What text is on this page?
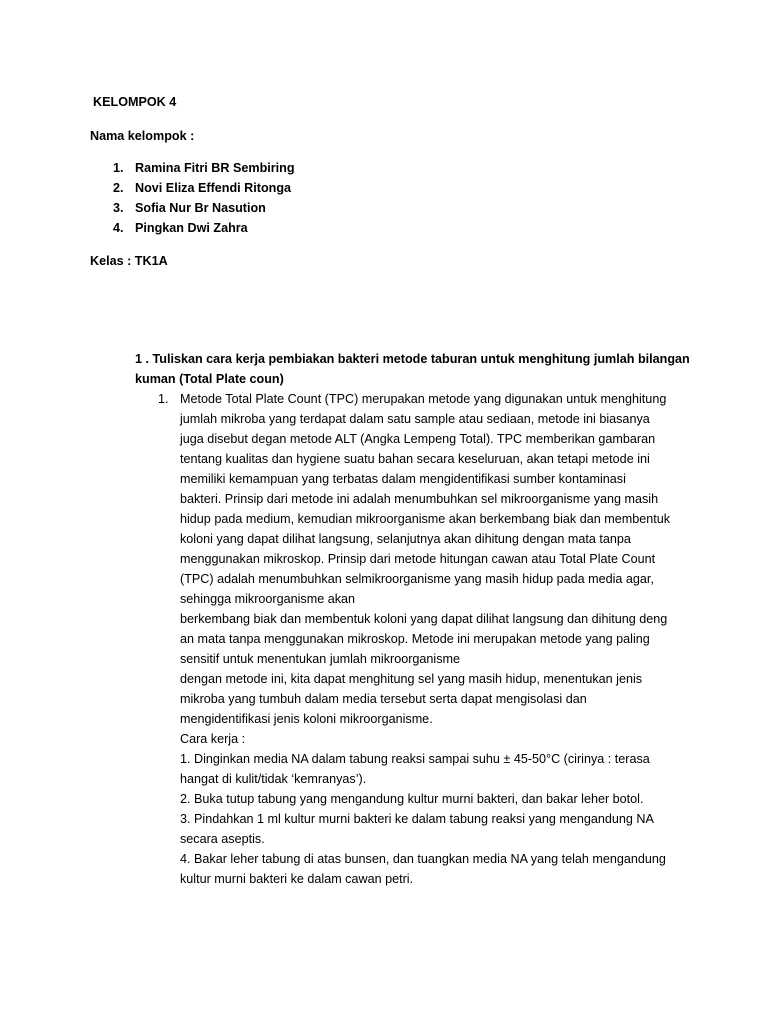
KELOMPOK 4
Nama kelompok :
1. Ramina Fitri BR Sembiring
2. Novi Eliza Effendi Ritonga
3. Sofia Nur Br Nasution
4. Pingkan Dwi Zahra
Kelas : TK1A
1 . Tuliskan cara kerja pembiakan bakteri metode taburan untuk menghitung jumlah bilangan
kuman (Total Plate coun)
1. Metode Total Plate Count (TPC) merupakan metode yang digunakan untuk menghitung
jumlah mikroba yang terdapat dalam satu sample atau sediaan, metode ini biasanya
juga disebut degan metode ALT (Angka Lempeng Total). TPC memberikan gambaran
tentang kualitas dan hygiene suatu bahan secara keseluruan, akan tetapi metode ini
memiliki kemampuan yang terbatas dalam mengidentifikasi sumber kontaminasi
bakteri. Prinsip dari metode ini adalah menumbuhkan sel mikroorganisme yang masih
hidup pada medium, kemudian mikroorganisme akan berkembang biak dan membentuk
koloni yang dapat dilihat langsung, selanjutnya akan dihitung dengan mata tanpa
menggunakan mikroskop. Prinsip dari metode hitungan cawan atau Total Plate Count
(TPC) adalah menumbuhkan selmikroorganisme yang masih hidup pada media agar,
sehingga mikroorganisme akan
berkembang biak dan membentuk koloni yang dapat dilihat langsung dan dihitung deng
an mata tanpa menggunakan mikroskop. Metode ini merupakan metode yang paling
sensitif untuk menentukan jumlah mikroorganisme
dengan metode ini, kita dapat menghitung sel yang masih hidup, menentukan jenis
mikroba yang tumbuh dalam media tersebut serta dapat mengisolasi dan
mengidentifikasi jenis koloni mikroorganisme.
Cara kerja :
1. Dinginkan media NA dalam tabung reaksi sampai suhu ± 45-50°C (cirinya : terasa
hangat di kulit/tidak ‘kemranyas’).
2. Buka tutup tabung yang mengandung kultur murni bakteri, dan bakar leher botol.
3. Pindahkan 1 ml kultur murni bakteri ke dalam tabung reaksi yang mengandung NA
secara aseptis.
4. Bakar leher tabung di atas bunsen, dan tuangkan media NA yang telah mengandung
kultur murni bakteri ke dalam cawan petri.
